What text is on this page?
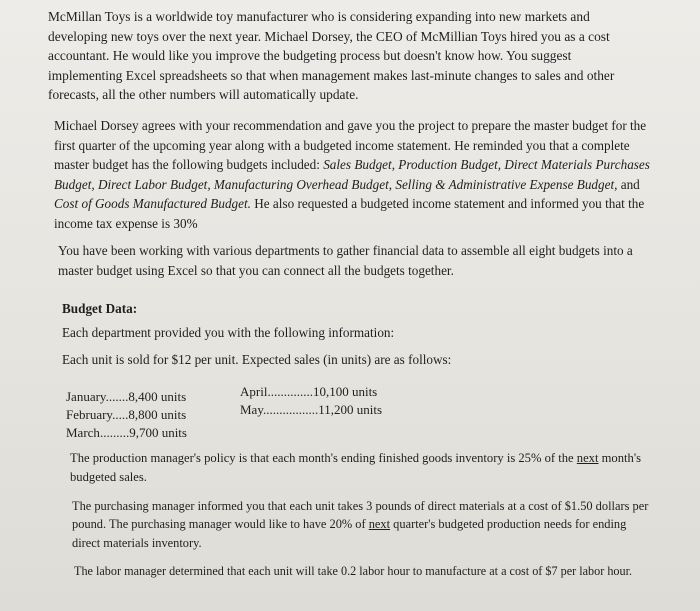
McMillan Toys is a worldwide toy manufacturer who is considering expanding into new markets and developing new toys over the next year. Michael Dorsey, the CEO of McMillian Toys hired you as a cost accountant. He would like you improve the budgeting process but doesn't know how. You suggest implementing Excel spreadsheets so that when management makes last-minute changes to sales and other forecasts, all the other numbers will automatically update.

Michael Dorsey agrees with your recommendation and gave you the project to prepare the master budget for the first quarter of the upcoming year along with a budgeted income statement. He reminded you that a complete master budget has the following budgets included: Sales Budget, Production Budget, Direct Materials Purchases Budget, Direct Labor Budget, Manufacturing Overhead Budget, Selling & Administrative Expense Budget, and Cost of Goods Manufactured Budget. He also requested a budgeted income statement and informed you that the income tax expense is 30%

You have been working with various departments to gather financial data to assemble all eight budgets into a master budget using Excel so that you can connect all the budgets together.

Budget Data:

Each department provided you with the following information:

Each unit is sold for $12 per unit. Expected sales (in units) are as follows:

January.......8,400 units
February.....8,800 units
March.........9,700 units
April..............10,100 units
May.................11,200 units

The production manager's policy is that each month's ending finished goods inventory is 25% of the next month's budgeted sales.

The purchasing manager informed you that each unit takes 3 pounds of direct materials at a cost of $1.50 dollars per pound. The purchasing manager would like to have 20% of next quarter's budgeted production needs for ending direct materials inventory.

The labor manager determined that each unit will take 0.2 labor hour to manufacture at a cost of $7 per labor hour.
